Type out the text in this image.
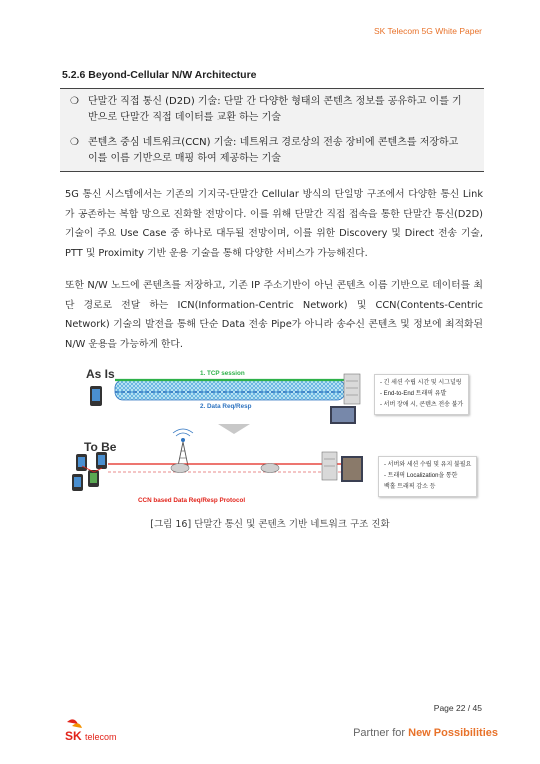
SK Telecom 5G White Paper
5.2.6 Beyond-Cellular N/W Architecture
❍ 단말간 직접 통신 (D2D) 기술: 단말 간 다양한 형태의 콘텐츠 정보를 공유하고 이를 기반으로 단말간 직접 데이터를 교환 하는 기술
❍ 콘텐츠 중심 네트워크(CCN) 기술: 네트워크 경로상의 전송 장비에 콘텐츠를 저장하고 이를 이름 기반으로 매핑 하여 제공하는 기술

5G 통신 시스템에서는 기존의 기지국-단말간 Cellular 방식의 단일망 구조에서 다양한 통신 Link가 공존하는 복합 망으로 진화할 전망이다. 이를 위해 단말간 직접 접속을 통한 단말간 통신(D2D) 기술이 주요 Use Case 중 하나로 대두될 전망이며, 이를 위한 Discovery 및 Direct 전송 기술, PTT 및 Proximity 기반 운용 기술을 통해 다양한 서비스가 가능해진다.

또한 N/W 노드에 콘텐츠를 저장하고, 기존 IP 주소기반이 아닌 콘텐츠 이름 기반으로 데이터를 최단 경로로 전달 하는 ICN(Information-Centric Network) 및 CCN(Contents-Centric Network) 기술의 발전을 통해 단순 Data 전송 Pipe가 아니라 송수신 콘텐츠 및 정보에 최적화된 N/W 운용을 가능하게 한다.

1. TCP session
2. Data Req/Resp
CCN based Data Req/Resp Protocol
As Is
To Be
- 긴 세션 수립 시간 및 시그널링
- End-to-End 트래픽 유발
- 서버 장애 시, 콘텐츠 전송 불가
- 서버와 세션 수립 및 유지 불필요
- 트래픽 Localization을 통한
백홀 트래픽 감소 등
[그림 16] 단말간 통신 및 콘텐츠 기반 네트워크 구조 진화
Page 22 / 45
SK telecom	Partner for New Possibilities
